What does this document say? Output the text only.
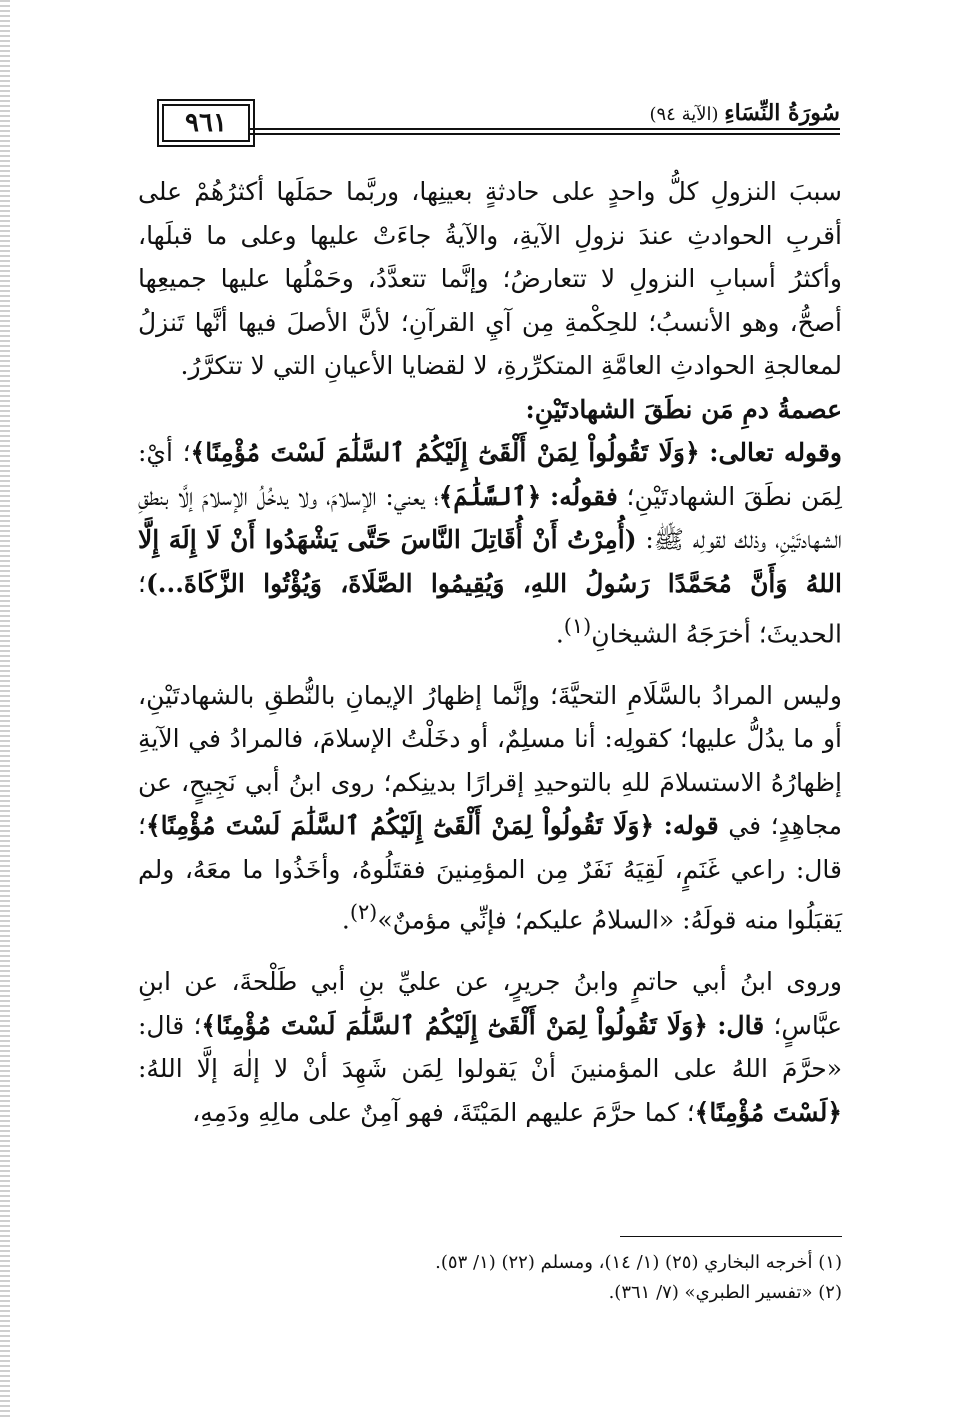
٩٦١	سُورَةُ النِّسَاءِ (الآية ٩٤)

سببَ النزولِ كلُّ واحدٍ على حادثةٍ بعينِها، وربَّما حمَلَها أكثرُهُمْ على أقربِ الحوادثِ عندَ نزولِ الآيةِ، والآيةُ جاءَتْ عليها وعلى ما قبلَها، وأكثرُ أسبابِ النزولِ لا تتعارضُ؛ وإنَّما تتعدَّدُ، وحَمْلُها عليها جميعِها أصحُّ، وهو الأنسبُ؛ للحِكْمةِ مِن آيِ القرآنِ؛ لأنَّ الأصلَ فيها أنَّها تَنزلُ لمعالجةِ الحوادثِ العامَّةِ المتكرِّرةِ، لا لقضايا الأعيانِ التي لا تتكرَّرُ.

عصمةُ دمِ مَن نطَقَ الشهادتَيْنِ:

وقوله تعالى: ﴿وَلَا تَقُولُواْ لِمَنْ أَلْقَىٰٓ إِلَيْكُمُ ٱلسَّلَٰمَ لَسْتَ مُؤْمِنًا﴾؛ أيْ: لِمَن نطَقَ الشهادتَيْنِ؛ فقولُه: ﴿ٱلسَّلَٰمَ﴾؛ يعني: الإسلامَ، ولا يدخُلُ الإسلامَ إلَّا بنطقِ الشهادتَيْنِ، وذلك لقولِه ﷺ: (أُمِرْتُ أَنْ أُقَاتِلَ النَّاسَ حَتَّى يَشْهَدُوا أَنْ لَا إِلَهَ إِلَّا اللهُ وَأَنَّ مُحَمَّدًا رَسُولُ اللهِ، وَيُقِيمُوا الصَّلَاةَ، وَيُؤْتُوا الزَّكَاةَ...)؛ الحديثَ؛ أخرَجَهُ الشيخانِ$^{(١)}$.

وليس المرادُ بالسَّلَامِ التحيَّةَ؛ وإنَّما إظهارُ الإيمانِ بالنُّطقِ بالشهادتَيْنِ، أو ما يدُلُّ عليها؛ كقولِه: أنا مسلِمٌ، أو دخَلْتُ الإسلامَ، فالمرادُ في الآيةِ إظهارُهُ الاستسلامَ للهِ بالتوحيدِ إقرارًا بدينِكم؛ روى ابنُ أبي نَجِيحٍ، عن مجاهِدٍ؛ في قوله: ﴿وَلَا تَقُولُواْ لِمَنْ أَلْقَىٰٓ إِلَيْكُمُ ٱلسَّلَٰمَ لَسْتَ مُؤْمِنًا﴾؛ قال: راعي غَنَمٍ، لَقِيَهُ نَفَرٌ مِن المؤمِنينَ فقتَلُوهُ، وأخَذُوا ما معَهُ، ولم يَقبَلُوا منه قولَهُ: «السلامُ عليكم؛ فإنِّي مؤمنٌ»$^{(٢)}$.

وروى ابنُ أبي حاتمٍ وابنُ جريرٍ، عن عليِّ بنِ أبي طَلْحةَ، عن ابنِ عبَّاسٍ؛ قال: ﴿وَلَا تَقُولُواْ لِمَنْ أَلْقَىٰٓ إِلَيْكُمُ ٱلسَّلَٰمَ لَسْتَ مُؤْمِنًا﴾؛ قال: «حرَّمَ اللهُ على المؤمنينَ أنْ يَقولوا لِمَن شَهِدَ أنْ لا إلٰهَ إلَّا اللهُ: ﴿لَسْتَ مُؤْمِنًا﴾؛ كما حرَّمَ عليهم المَيْتَةَ، فهو آمِنٌ على مالِهِ ودَمِهِ،

(١) أخرجه البخاري (٢٥) (١/ ١٤)، ومسلم (٢٢) (١/ ٥٣).
(٢) «تفسير الطبري» (٧/ ٣٦١).
